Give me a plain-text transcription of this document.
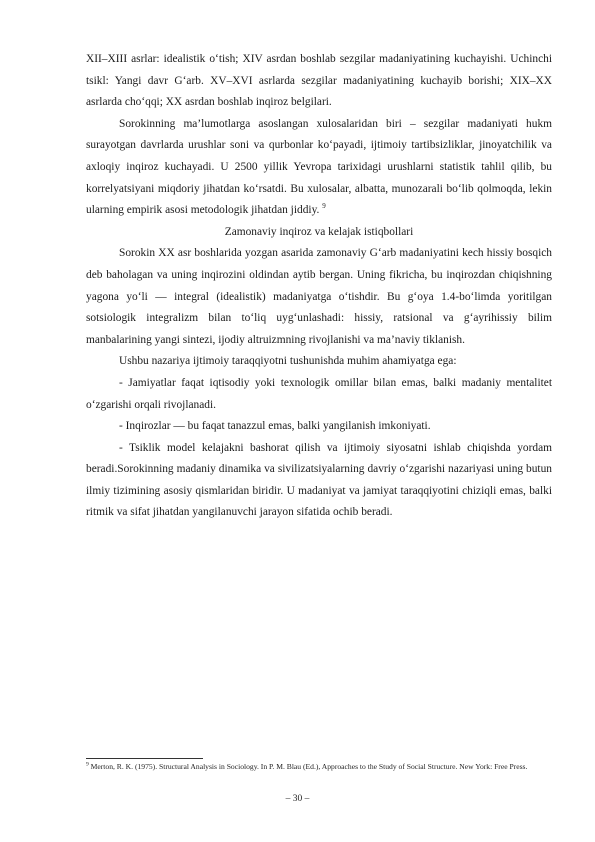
XII–XIII asrlar: idealistik o‘tish; XIV asrdan boshlab sezgilar madaniyatining kuchayishi. Uchinchi tsikl: Yangi davr G‘arb. XV–XVI asrlarda sezgilar madaniyatining kuchayib borishi; XIX–XX asrlarda cho‘qqi; XX asrdan boshlab inqiroz belgilari.

Sorokinning ma’lumotlarga asoslangan xulosalaridan biri – sezgilar madaniyati hukm surayotgan davrlarda urushlar soni va qurbonlar ko‘payadi, ijtimoiy tartibsizliklar, jinoyatchilik va axloqiy inqiroz kuchayadi. U 2500 yillik Yevropa tarixidagi urushlarni statistik tahlil qilib, bu korrelyatsiyani miqdoriy jihatdan ko‘rsatdi. Bu xulosalar, albatta, munozarali bo‘lib qolmoqda, lekin ularning empirik asosi metodologik jihatdan jiddiy. $^9$

Zamonaviy inqiroz va kelajak istiqbollari

Sorokin XX asr boshlarida yozgan asarida zamonaviy G‘arb madaniyatini kech hissiy bosqich deb baholagan va uning inqirozini oldindan aytib bergan. Uning fikricha, bu inqirozdan chiqishning yagona yo‘li — integral (idealistik) madaniyatga o‘tishdir. Bu g‘oya 1.4-bo‘limda yoritilgan sotsiologik integralizm bilan to‘liq uyg‘unlashadi: hissiy, ratsional va g‘ayrihissiy bilim manbalarining yangi sintezi, ijodiy altruizmning rivojlanishi va ma’naviy tiklanish.

Ushbu nazariya ijtimoiy taraqqiyotni tushunishda muhim ahamiyatga ega:

- Jamiyatlar faqat iqtisodiy yoki texnologik omillar bilan emas, balki madaniy mentalitet o‘zgarishi orqali rivojlanadi.

- Inqirozlar — bu faqat tanazzul emas, balki yangilanish imkoniyati.

- Tsiklik model kelajakni bashorat qilish va ijtimoiy siyosatni ishlab chiqishda yordam beradi.Sorokinning madaniy dinamika va sivilizatsiyalarning davriy o‘zgarishi nazariyasi uning butun ilmiy tizimining asosiy qismlaridan biridir. U madaniyat va jamiyat taraqqiyotini chiziqli emas, balki ritmik va sifat jihatdan yangilanuvchi jarayon sifatida ochib beradi.

$^9$ Merton, R. K. (1975). Structural Analysis in Sociology. In P. M. Blau (Ed.), Approaches to the Study of Social Structure. New York: Free Press.
– 30 –
